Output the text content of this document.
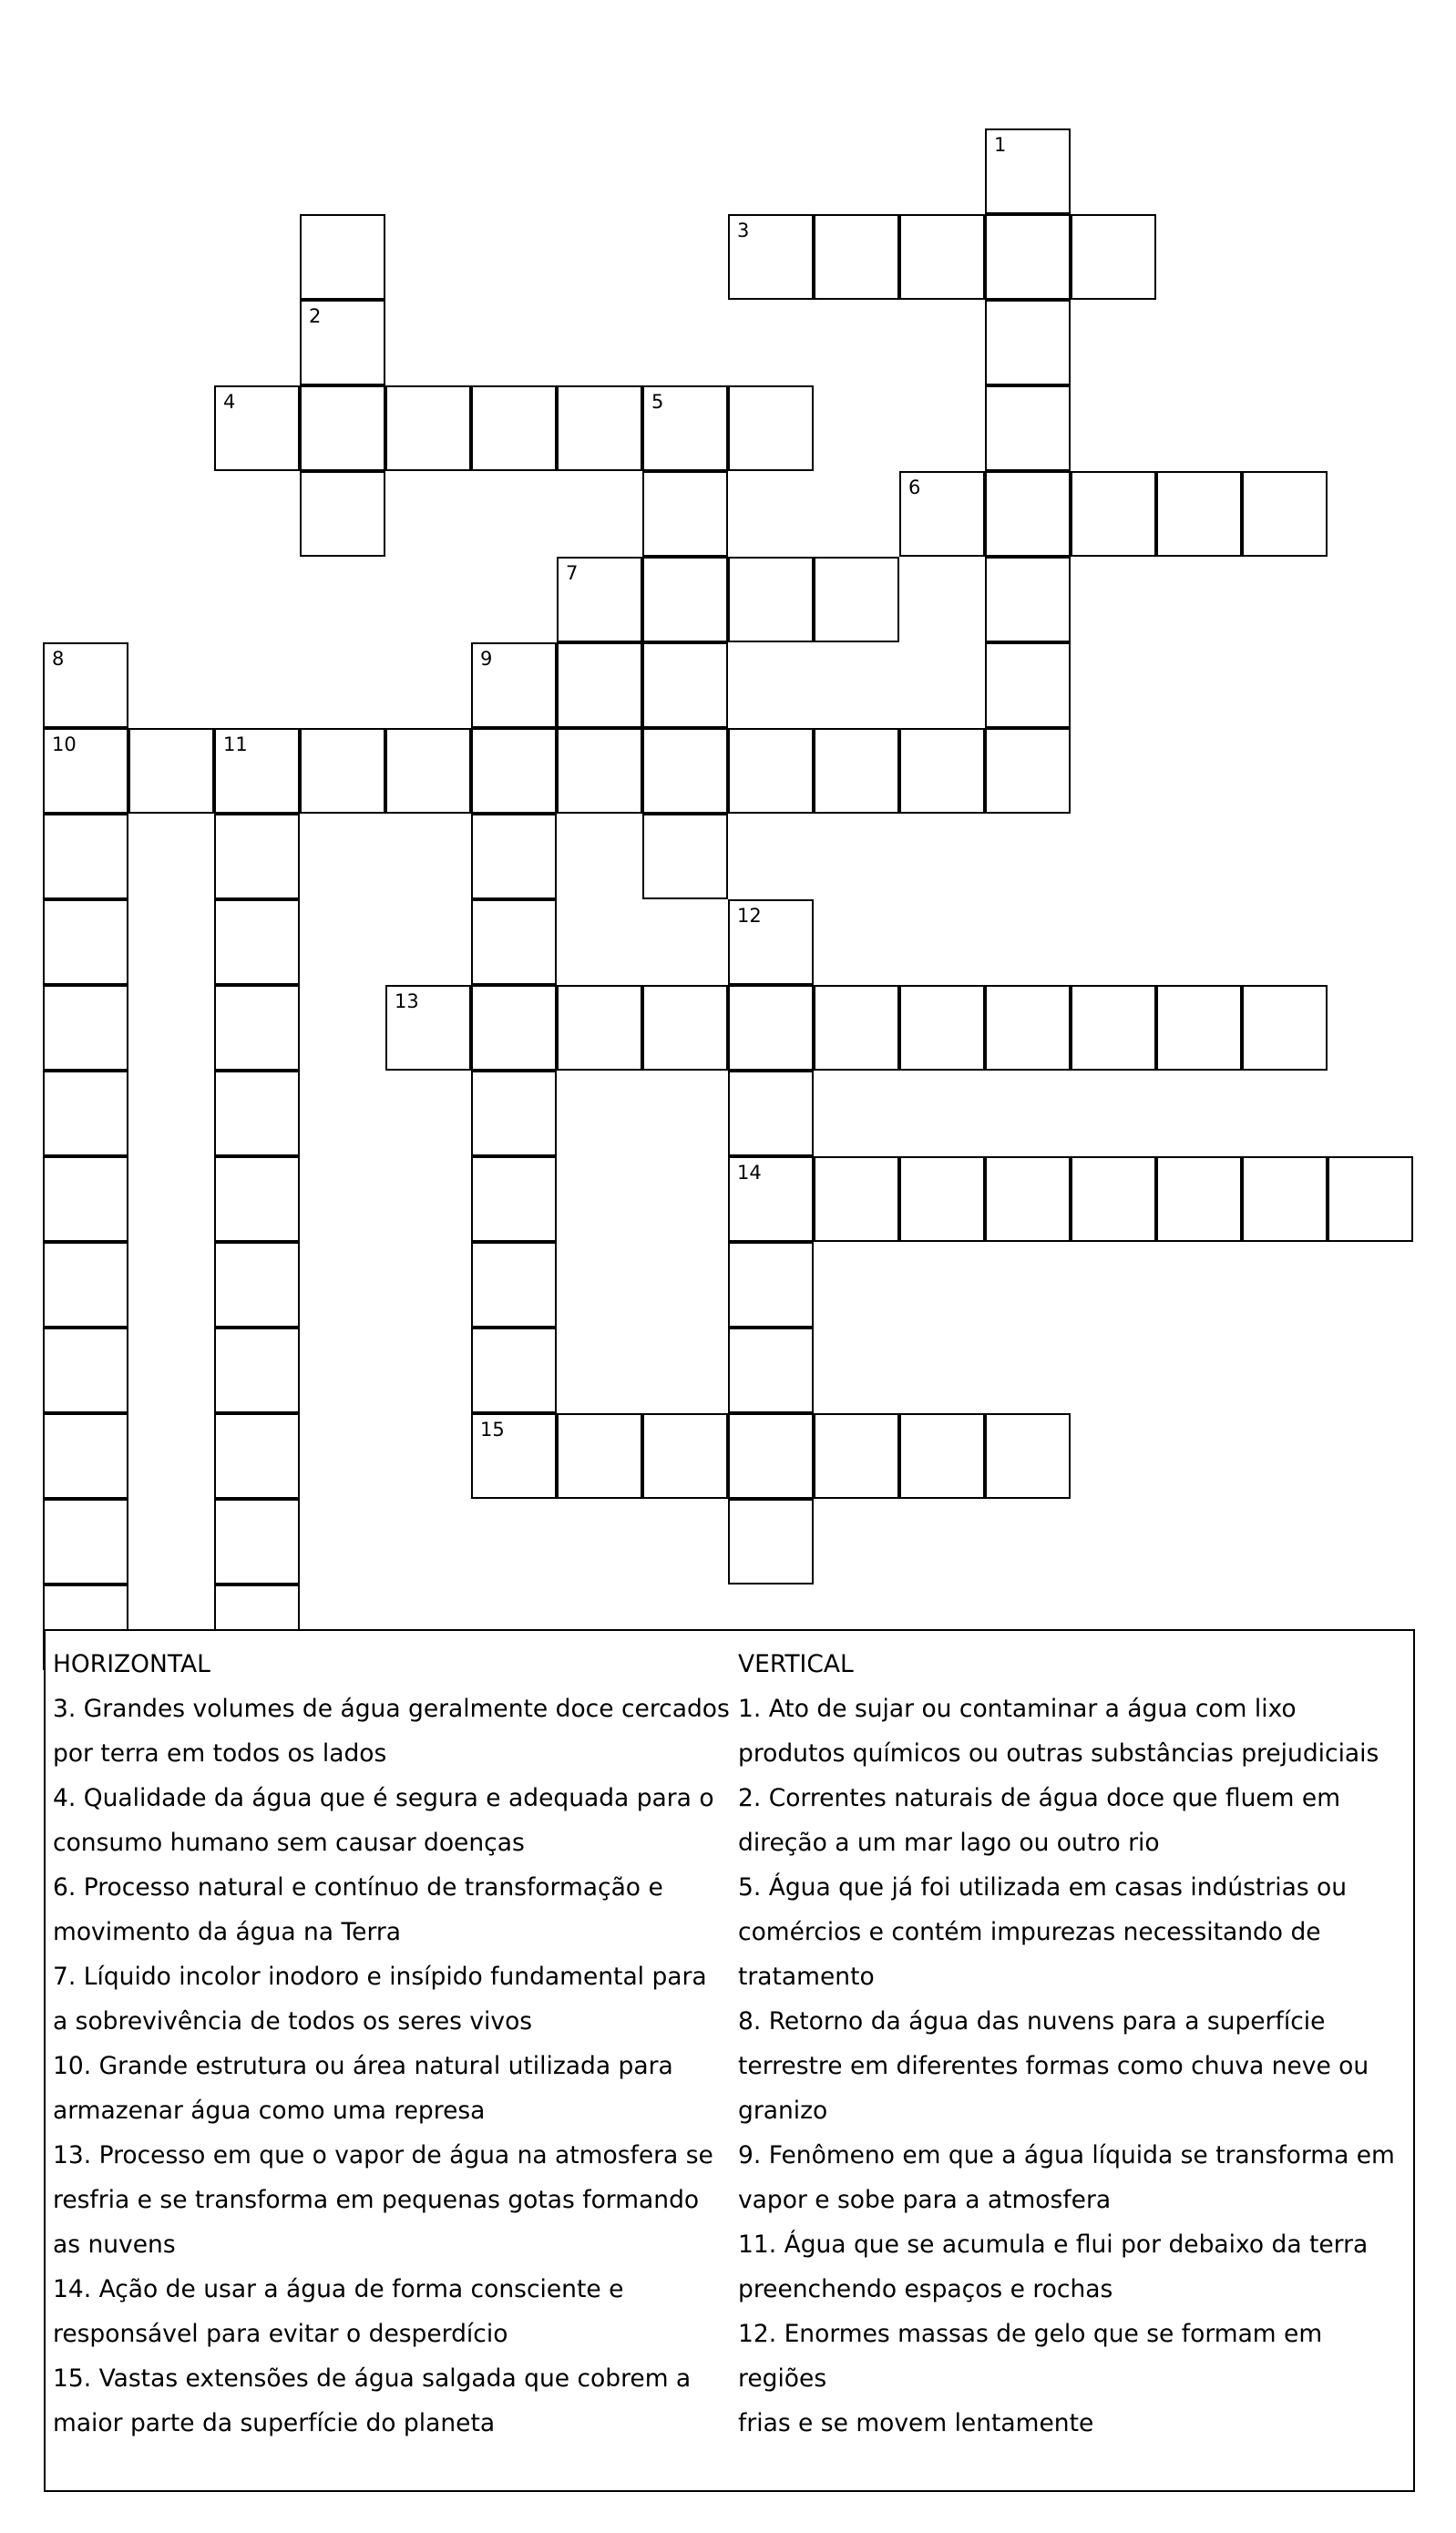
1
3
2
4	5
6
7
8	9
10	11
12
13
14
15
HORIZONTAL
3. Grandes volumes de água geralmente doce cercados
por terra em todos os lados
4. Qualidade da água que é segura e adequada para o
consumo humano sem causar doenças
6. Processo natural e contínuo de transformação e
movimento da água na Terra
7. Líquido incolor inodoro e insípido fundamental para
a sobrevivência de todos os seres vivos
10. Grande estrutura ou área natural utilizada para
armazenar água como uma represa
13. Processo em que o vapor de água na atmosfera se
resfria e se transforma em pequenas gotas formando
as nuvens
14. Ação de usar a água de forma consciente e
responsável para evitar o desperdício
15. Vastas extensões de água salgada que cobrem a
maior parte da superfície do planeta
VERTICAL
1. Ato de sujar ou contaminar a água com lixo
produtos químicos ou outras substâncias prejudiciais
2. Correntes naturais de água doce que fluem em
direção a um mar lago ou outro rio
5. Água que já foi utilizada em casas indústrias ou
comércios e contém impurezas necessitando de
tratamento
8. Retorno da água das nuvens para a superfície
terrestre em diferentes formas como chuva neve ou
granizo
9. Fenômeno em que a água líquida se transforma em
vapor e sobe para a atmosfera
11. Água que se acumula e flui por debaixo da terra
preenchendo espaços e rochas
12. Enormes massas de gelo que se formam em regiões
frias e se movem lentamente
